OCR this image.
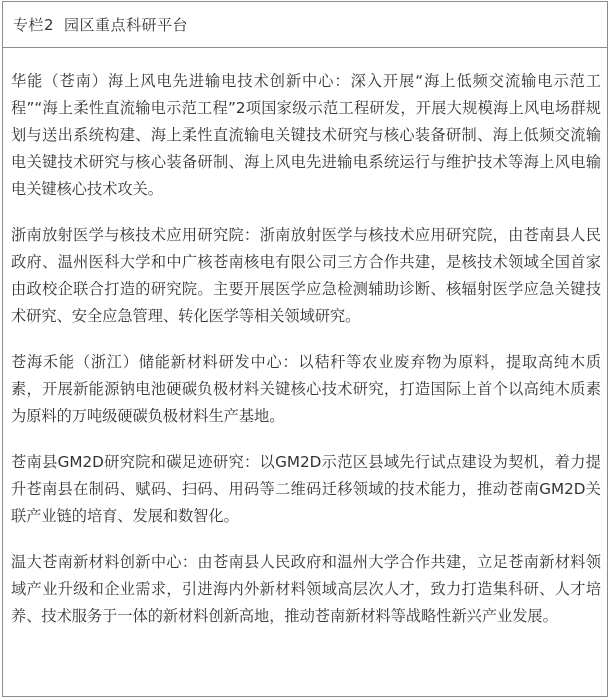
专栏2 园区重点科研平台

华能（苍南）海上风电先进输电技术创新中心：深入开展“海上低频交流输电示范工程”“海上柔性直流输电示范工程”2项国家级示范工程研发，开展大规模海上风电场群规划与送出系统构建、海上柔性直流输电关键技术研究与核心装备研制、海上低频交流输电关键技术研究与核心装备研制、海上风电先进输电系统运行与维护技术等海上风电输电关键核心技术攻关。

浙南放射医学与核技术应用研究院：浙南放射医学与核技术应用研究院，由苍南县人民政府、温州医科大学和中广核苍南核电有限公司三方合作共建，是核技术领域全国首家由政校企联合打造的研究院。主要开展医学应急检测辅助诊断、核辐射医学应急关键技术研究、安全应急管理、转化医学等相关领域研究。

苍海禾能（浙江）储能新材料研发中心：以秸秆等农业废弃物为原料，提取高纯木质素，开展新能源钠电池硬碳负极材料关键核心技术研究，打造国际上首个以高纯木质素为原料的万吨级硬碳负极材料生产基地。

苍南县GM2D研究院和碳足迹研究：以GM2D示范区县域先行试点建设为契机，着力提升苍南县在制码、赋码、扫码、用码等二维码迁移领域的技术能力，推动苍南GM2D关联产业链的培育、发展和数智化。

温大苍南新材料创新中心：由苍南县人民政府和温州大学合作共建，立足苍南新材料领域产业升级和企业需求，引进海内外新材料领域高层次人才，致力打造集科研、人才培养、技术服务于一体的新材料创新高地，推动苍南新材料等战略性新兴产业发展。
